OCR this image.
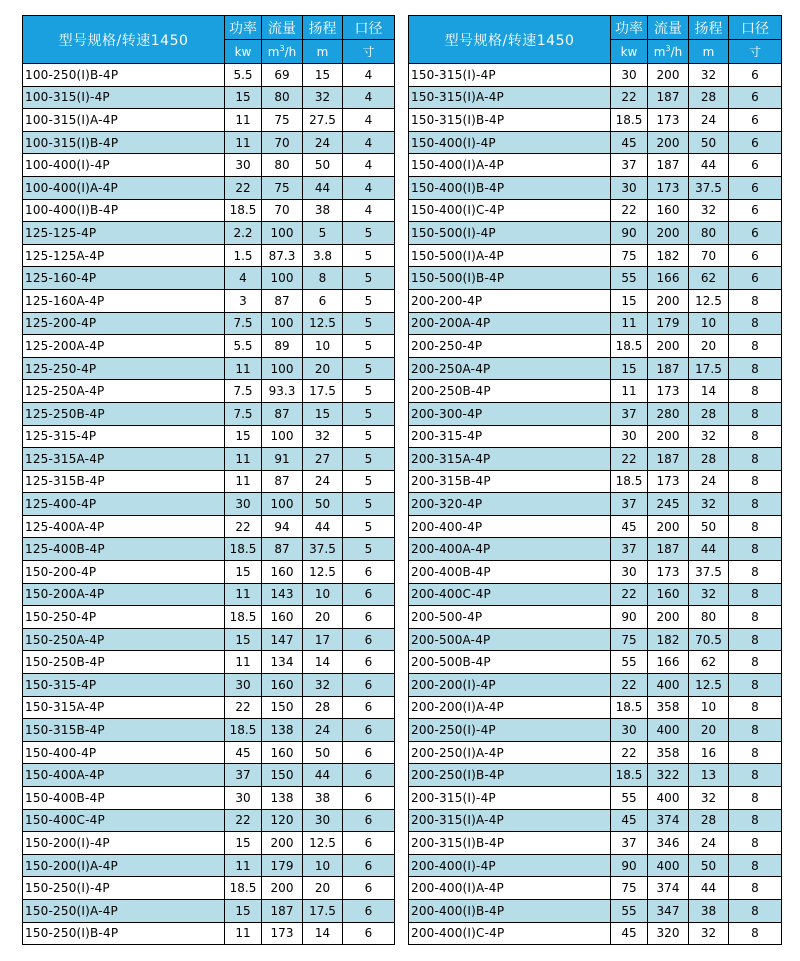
型号规格/转速1450	功率	流量	扬程	口径
	kw	$m^3/h$	m	寸
100-250(I)B-4P	5.5	69	15	4
100-315(I)-4P	15	80	32	4
100-315(I)A-4P	11	75	27.5	4
100-315(I)B-4P	11	70	24	4
100-400(I)-4P	30	80	50	4
100-400(I)A-4P	22	75	44	4
100-400(I)B-4P	18.5	70	38	4
125-125-4P	2.2	100	5	5
125-125A-4P	1.5	87.3	3.8	5
125-160-4P	4	100	8	5
125-160A-4P	3	87	6	5
125-200-4P	7.5	100	12.5	5
125-200A-4P	5.5	89	10	5
125-250-4P	11	100	20	5
125-250A-4P	7.5	93.3	17.5	5
125-250B-4P	7.5	87	15	5
125-315-4P	15	100	32	5
125-315A-4P	11	91	27	5
125-315B-4P	11	87	24	5
125-400-4P	30	100	50	5
125-400A-4P	22	94	44	5
125-400B-4P	18.5	87	37.5	5
150-200-4P	15	160	12.5	6
150-200A-4P	11	143	10	6
150-250-4P	18.5	160	20	6
150-250A-4P	15	147	17	6
150-250B-4P	11	134	14	6
150-315-4P	30	160	32	6
150-315A-4P	22	150	28	6
150-315B-4P	18.5	138	24	6
150-400-4P	45	160	50	6
150-400A-4P	37	150	44	6
150-400B-4P	30	138	38	6
150-400C-4P	22	120	30	6
150-200(I)-4P	15	200	12.5	6
150-200(I)A-4P	11	179	10	6
150-250(I)-4P	18.5	200	20	6
150-250(I)A-4P	15	187	17.5	6
150-250(I)B-4P	11	173	14	6
型号规格/转速1450	功率	流量	扬程	口径
	kw	$m^3/h$	m	寸
150-315(I)-4P	30	200	32	6
150-315(I)A-4P	22	187	28	6
150-315(I)B-4P	18.5	173	24	6
150-400(I)-4P	45	200	50	6
150-400(I)A-4P	37	187	44	6
150-400(I)B-4P	30	173	37.5	6
150-400(I)C-4P	22	160	32	6
150-500(I)-4P	90	200	80	6
150-500(I)A-4P	75	182	70	6
150-500(I)B-4P	55	166	62	6
200-200-4P	15	200	12.5	8
200-200A-4P	11	179	10	8
200-250-4P	18.5	200	20	8
200-250A-4P	15	187	17.5	8
200-250B-4P	11	173	14	8
200-300-4P	37	280	28	8
200-315-4P	30	200	32	8
200-315A-4P	22	187	28	8
200-315B-4P	18.5	173	24	8
200-320-4P	37	245	32	8
200-400-4P	45	200	50	8
200-400A-4P	37	187	44	8
200-400B-4P	30	173	37.5	8
200-400C-4P	22	160	32	8
200-500-4P	90	200	80	8
200-500A-4P	75	182	70.5	8
200-500B-4P	55	166	62	8
200-200(I)-4P	22	400	12.5	8
200-200(I)A-4P	18.5	358	10	8
200-250(I)-4P	30	400	20	8
200-250(I)A-4P	22	358	16	8
200-250(I)B-4P	18.5	322	13	8
200-315(I)-4P	55	400	32	8
200-315(I)A-4P	45	374	28	8
200-315(I)B-4P	37	346	24	8
200-400(I)-4P	90	400	50	8
200-400(I)A-4P	75	374	44	8
200-400(I)B-4P	55	347	38	8
200-400(I)C-4P	45	320	32	8
